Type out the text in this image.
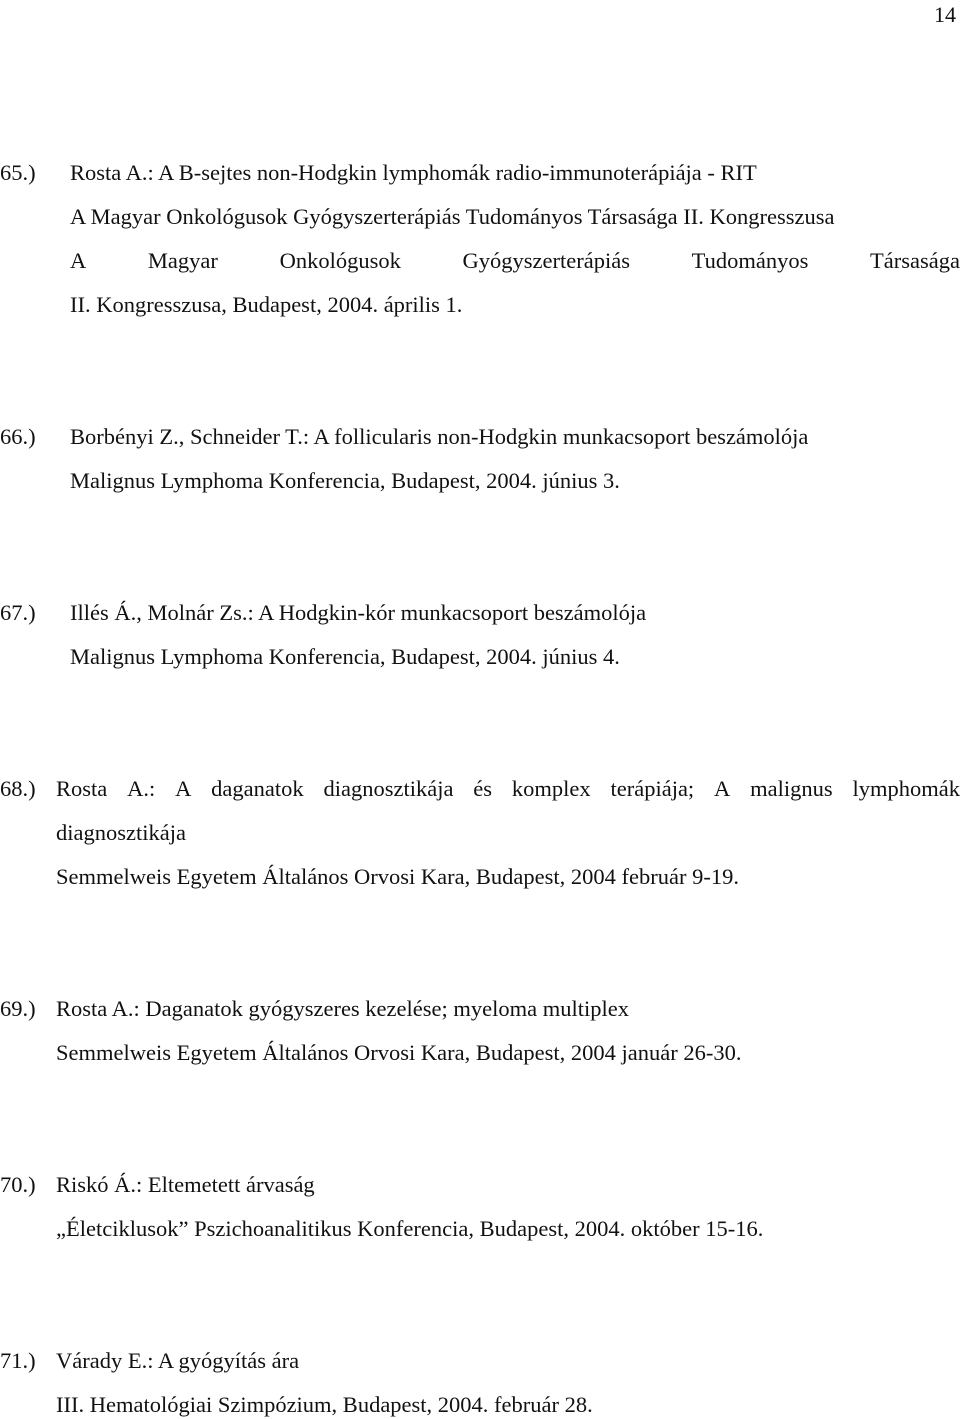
14
65.) Rosta A.: A B-sejtes non-Hodgkin lymphomák radio-immunoterápiája - RIT
A Magyar Onkológusok Gyógyszerterápiás Tudományos Társasága II. Kongresszusa
A	Magyar	Onkológusok	Gyógyszerterápiás	Tudományos	Társasága
II. Kongresszusa, Budapest, 2004. április 1.
66.) Borbényi Z., Schneider T.: A follicularis non-Hodgkin munkacsoport beszámolója
Malignus Lymphoma Konferencia, Budapest, 2004. június 3.
67.) Illés Á., Molnár Zs.: A Hodgkin-kór munkacsoport beszámolója
Malignus Lymphoma Konferencia, Budapest, 2004. június 4.
68.) Rosta A.: A daganatok diagnosztikája és komplex terápiája; A malignus lymphomák
diagnosztikája
Semmelweis Egyetem Általános Orvosi Kara, Budapest, 2004 február 9-19.
69.) Rosta A.: Daganatok gyógyszeres kezelése; myeloma multiplex
Semmelweis Egyetem Általános Orvosi Kara, Budapest, 2004 január 26-30.
70.) Riskó Á.: Eltemetett árvaság
„Életciklusok” Pszichoanalitikus Konferencia, Budapest, 2004. október 15-16.
71.) Várady E.: A gyógyítás ára
III. Hematológiai Szimpózium, Budapest, 2004. február 28.
